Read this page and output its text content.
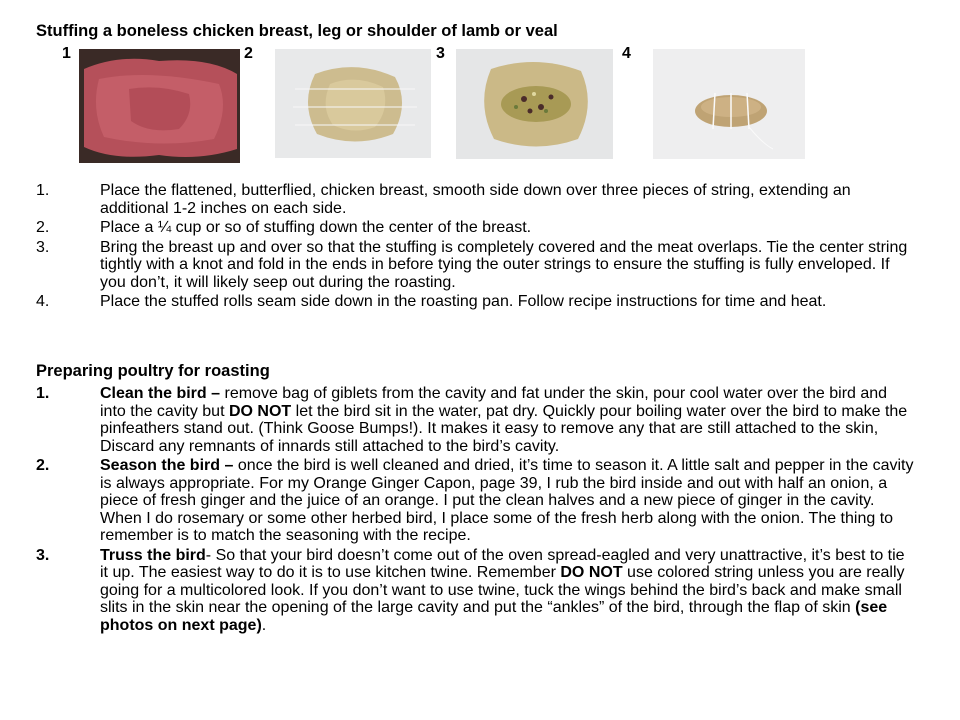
Stuffing a boneless chicken breast, leg or shoulder of lamb or veal
1	2	3	4
1.	Place the flattened, butterflied, chicken breast, smooth side down over three pieces of string, extending an additional 1-2 inches on each side.
2.	Place a ¼ cup or so of stuffing down the center of the breast.
3.	Bring the breast up and over so that the stuffing is completely covered and the meat overlaps. Tie the center string tightly with a knot and fold in the ends in before tying the outer strings to ensure the stuffing is fully enveloped. If you don’t, it will likely seep out during the roasting.
4.	Place the stuffed rolls seam side down in the roasting pan. Follow recipe instructions for time and heat.
Preparing poultry for roasting
1.	Clean the bird – remove bag of giblets from the cavity and fat under the skin, pour cool water over the bird and into the cavity but DO NOT let the bird sit in the water, pat dry. Quickly pour boiling water over the bird to make the pinfeathers stand out. (Think Goose Bumps!). It makes it easy to remove any that are still attached to the skin, Discard any remnants of innards still attached to the bird’s cavity.
2.	Season the bird – once the bird is well cleaned and dried, it’s time to season it. A little salt and pepper in the cavity is always appropriate. For my Orange Ginger Capon, page 39, I rub the bird inside and out with half an onion, a piece of fresh ginger and the juice of an orange. I put the clean halves and a new piece of ginger in the cavity. When I do rosemary or some other herbed bird, I place some of the fresh herb along with the onion. The thing to remember is to match the seasoning with the recipe.
3.	Truss the bird- So that your bird doesn’t come out of the oven spread-eagled and very unattractive, it’s best to tie it up. The easiest way to do it is to use kitchen twine. Remember DO NOT use colored string unless you are really going for a multicolored look. If you don’t want to use twine, tuck the wings behind the bird’s back and make small slits in the skin near the opening of the large cavity and put the “ankles” of the bird, through the flap of skin (see photos on next page).
